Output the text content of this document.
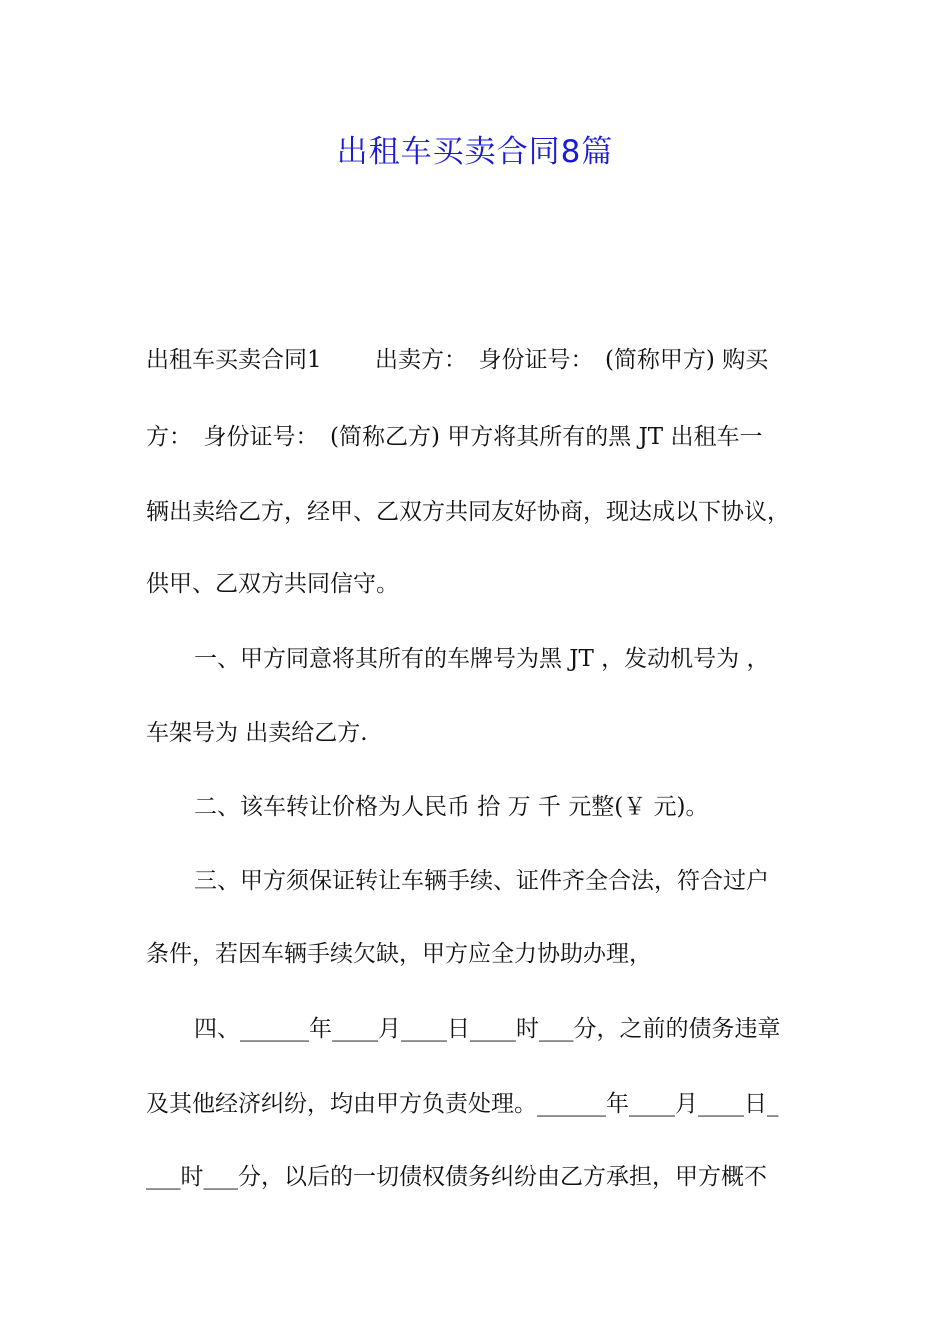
出租车买卖合同8篇
出租车买卖合同1　　 出卖方：　身份证号：　(简称甲方) 购买
方：　身份证号：　(简称乙方) 甲方将其所有的黑 JT 出租车一
辆出卖给乙方，经甲、乙双方共同友好协商，现达成以下协议，
供甲、乙双方共同信守。
一、甲方同意将其所有的车牌号为黑 JT ，发动机号为 ，
车架号为 出卖给乙方.
二、该车转让价格为人民币 拾 万 千 元整(￥ 元)。
三、甲方须保证转让车辆手续、证件齐全合法，符合过户
条件，若因车辆手续欠缺，甲方应全力协助办理，
四、______年____月____日____时___分，之前的债务违章
及其他经济纠纷，均由甲方负责处理。______年____月____日_
___时___分，以后的一切债权债务纠纷由乙方承担，甲方概不
